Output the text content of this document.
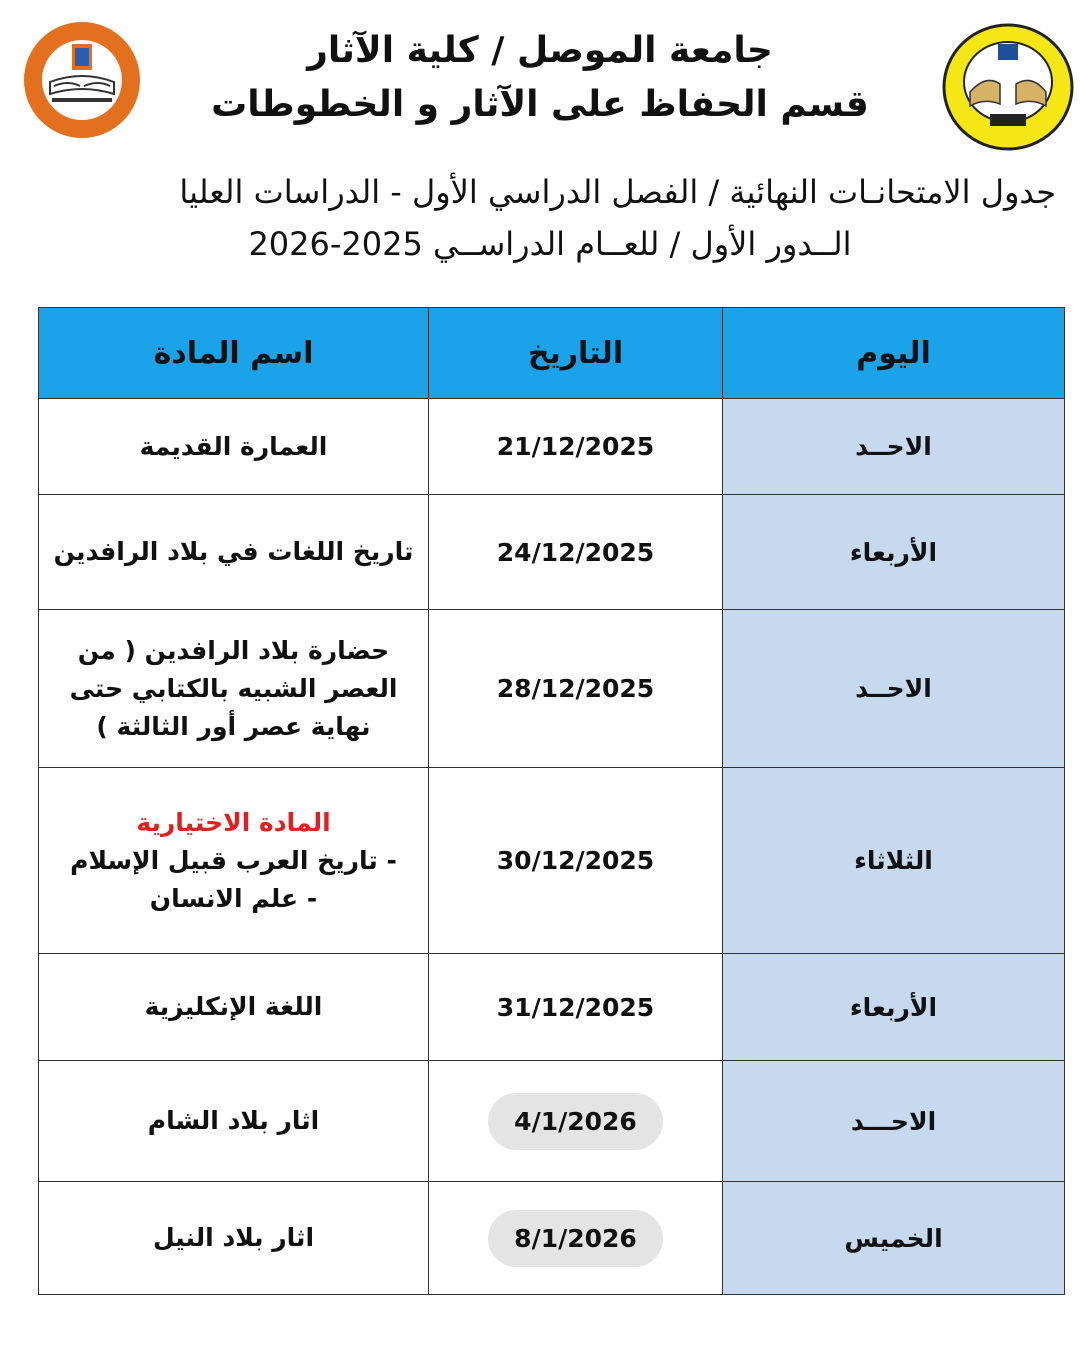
جامعة الموصل / كلية الآثار
قسم الحفاظ على الآثار و الخطوطات
جدول الامتحانـات النهائية / الفصل الدراسي الأول - الدراسات العليا
الــدور الأول / للعــام الدراســي 2025-2026
اليوم	التاريخ	اسم المادة
الاحــد	21/12/2025	العمارة القديمة
الأربعاء	24/12/2025	تاريخ اللغات في بلاد الرافدين
الاحــد	28/12/2025	حضارة بلاد الرافدين ( من
العصر الشبيه بالكتابي حتى
نهاية عصر أور الثالثة )

الثلاثاء	30/12/2025	المادة الاختيارية
- تاريخ العرب قبيل الإسلام
- علم الانسان

الأربعاء	31/12/2025	اللغة الإنكليزية
الاحـــد	4/1/2026	اثار بلاد الشام
الخميس	8/1/2026	اثار بلاد النيل
